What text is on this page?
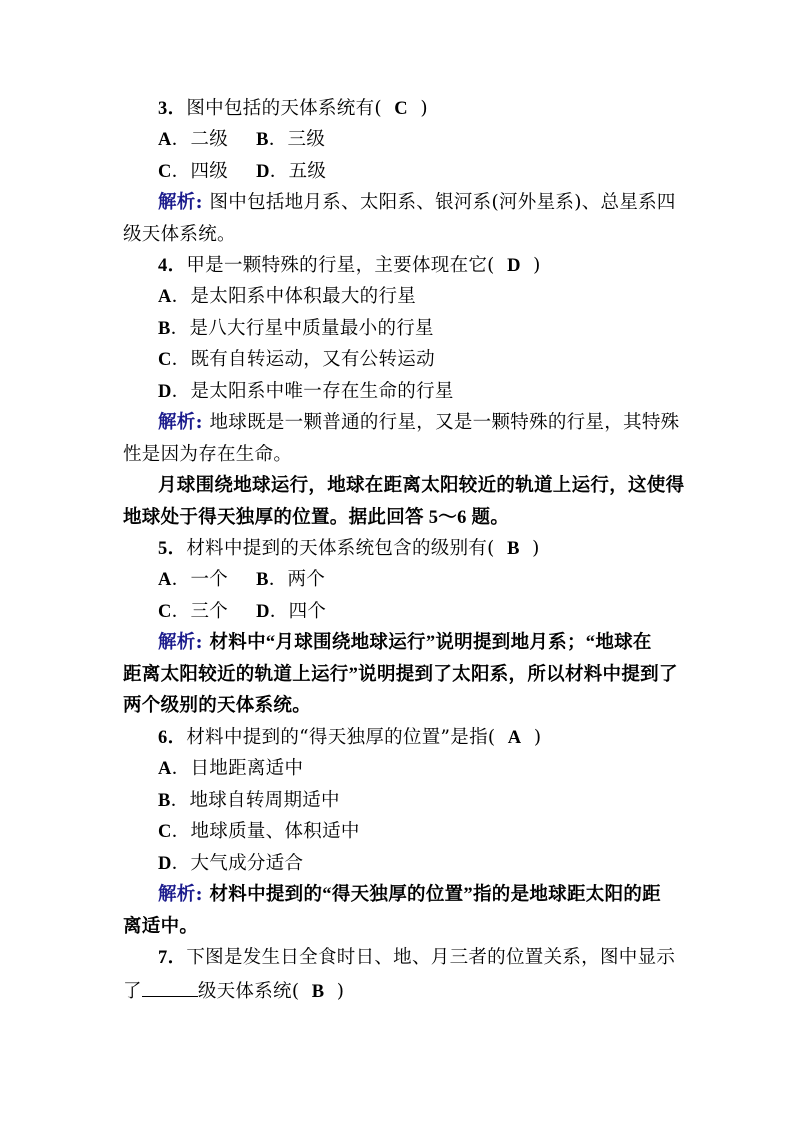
3．图中包括的天体系统有( C )
A．二级 B．三级
C．四级 D．五级
解析: 图中包括地月系、太阳系、银河系(河外星系)、总星系四
级天体系统。
4．甲是一颗特殊的行星，主要体现在它( D )
A．是太阳系中体积最大的行星
B．是八大行星中质量最小的行星
C．既有自转运动，又有公转运动
D．是太阳系中唯一存在生命的行星
解析: 地球既是一颗普通的行星，又是一颗特殊的行星，其特殊
性是因为存在生命。
月球围绕地球运行，地球在距离太阳较近的轨道上运行，这使得
地球处于得天独厚的位置。据此回答 5～6 题。
5．材料中提到的天体系统包含的级别有( B )
A．一个 B．两个
C．三个 D．四个
解析: 材料中“月球围绕地球运行”说明提到地月系；“地球在
距离太阳较近的轨道上运行”说明提到了太阳系，所以材料中提到了
两个级别的天体系统。
6．材料中提到的“得天独厚的位置”是指( A )
A．日地距离适中
B．地球自转周期适中
C．地球质量、体积适中
D．大气成分适合
解析: 材料中提到的“得天独厚的位置”指的是地球距太阳的距
离适中。
7．下图是发生日全食时日、地、月三者的位置关系，图中显示
了	级天体系统( B )
